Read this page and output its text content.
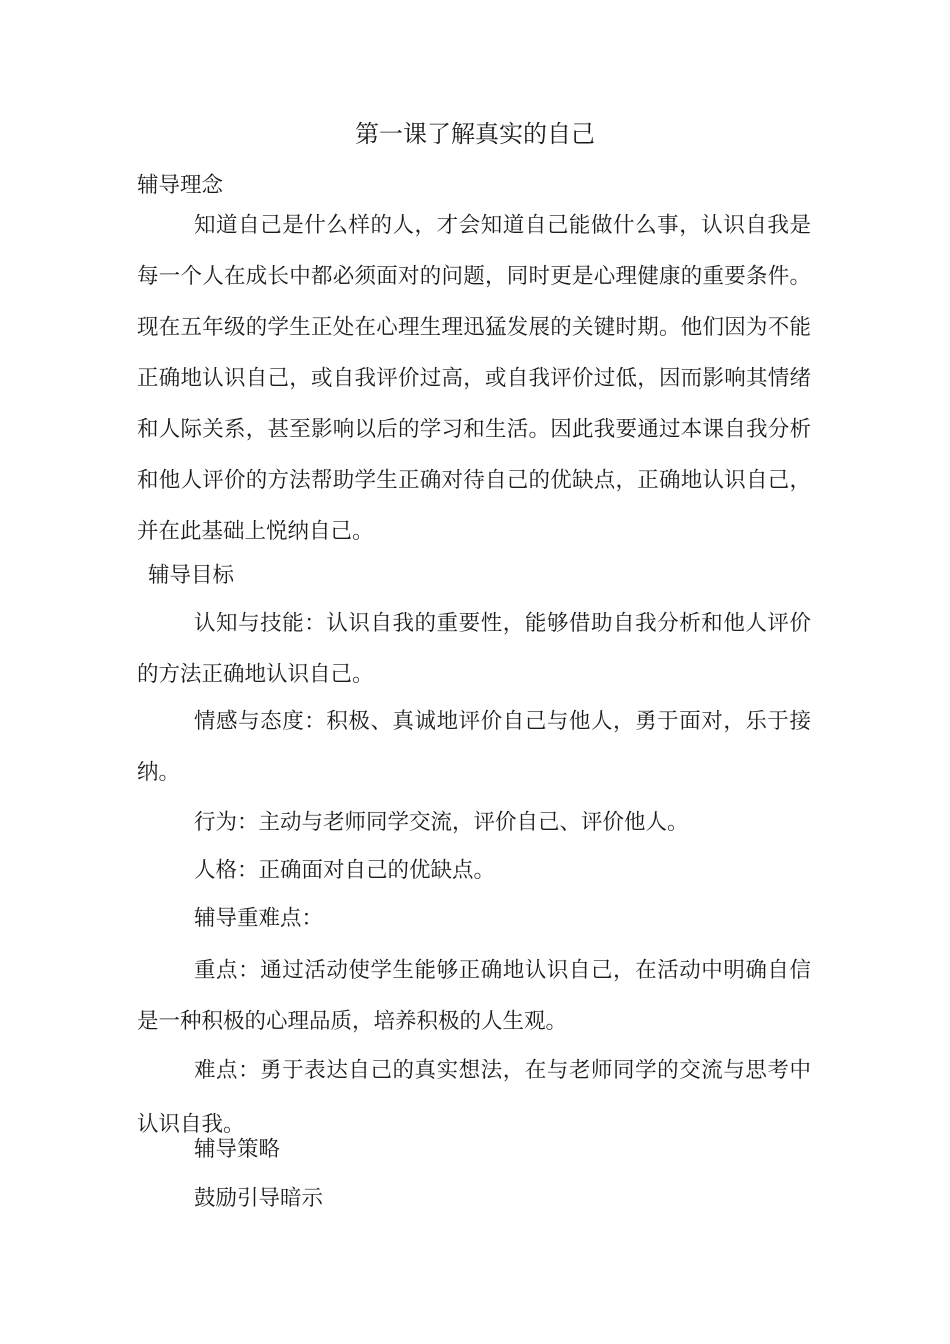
第一课了解真实的自己

辅导理念

知道自己是什么样的人，才会知道自己能做什么事，认识自我是每一个人在成长中都必须面对的问题，同时更是心理健康的重要条件。现在五年级的学生正处在心理生理迅猛发展的关键时期。他们因为不能正确地认识自己，或自我评价过高，或自我评价过低，因而影响其情绪和人际关系，甚至影响以后的学习和生活。因此我要通过本课自我分析和他人评价的方法帮助学生正确对待自己的优缺点，正确地认识自己，并在此基础上悦纳自己。

辅导目标

认知与技能：认识自我的重要性，能够借助自我分析和他人评价的方法正确地认识自己。

情感与态度：积极、真诚地评价自己与他人，勇于面对，乐于接纳。

行为：主动与老师同学交流，评价自己、评价他人。

人格：正确面对自己的优缺点。

辅导重难点：

重点：通过活动使学生能够正确地认识自己，在活动中明确自信是一种积极的心理品质，培养积极的人生观。

难点：勇于表达自己的真实想法，在与老师同学的交流与思考中认识自我。

辅导策略

鼓励引导暗示
